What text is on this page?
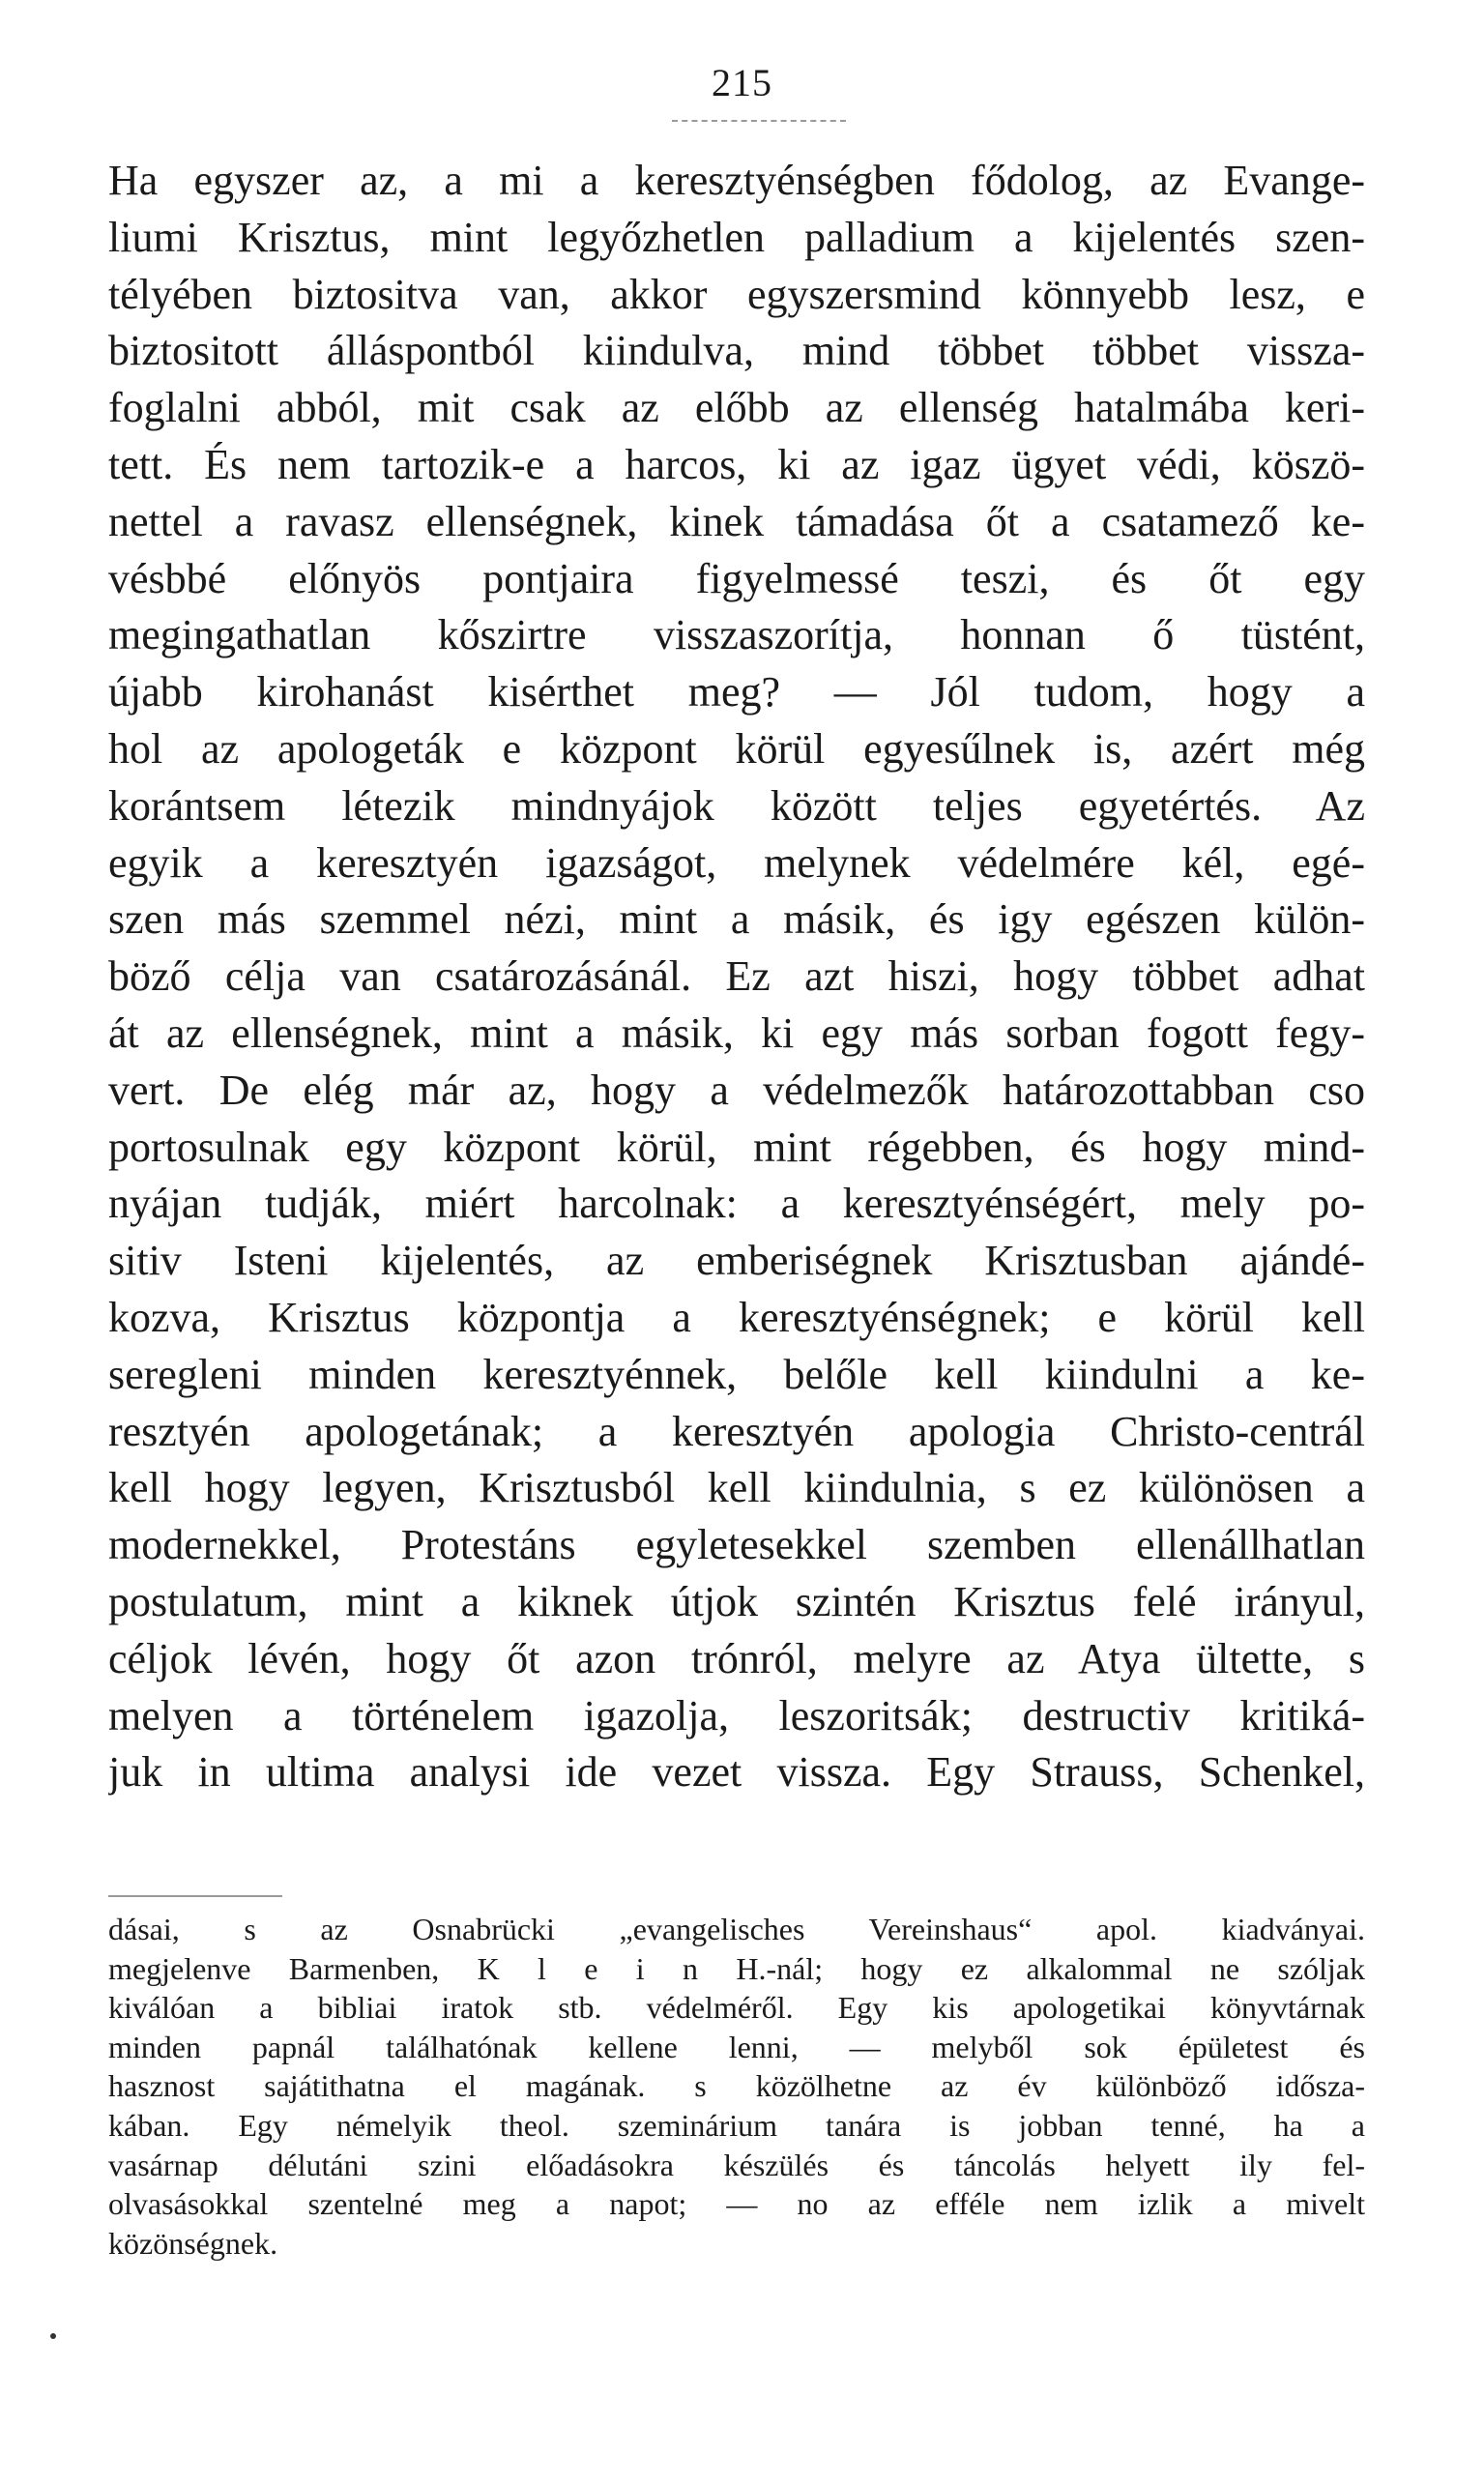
215
Ha egyszer az, a mi a keresztyénségben fődolog, az Evange-
liumi Krisztus, mint legyőzhetlen palladium a kijelentés szen-
télyében biztositva van, akkor egyszersmind könnyebb lesz, e
biztositott álláspontból kiindulva, mind többet többet vissza-
foglalni abból, mit csak az előbb az ellenség hatalmába keri-
tett. És nem tartozik-e a harcos, ki az igaz ügyet védi, köszö-
nettel a ravasz ellenségnek, kinek támadása őt a csatamező ke-
vésbbé előnyös pontjaira figyelmessé teszi, és őt egy
megingathatlan kőszirtre visszaszorítja, honnan ő tüstént,
újabb kirohanást kisérthet meg? — Jól tudom, hogy a
hol az apologeták e központ körül egyesűlnek is, azért még
korántsem létezik mindnyájok között teljes egyetértés. Az
egyik a keresztyén igazságot, melynek védelmére kél, egé-
szen más szemmel nézi, mint a másik, és igy egészen külön-
böző célja van csatározásánál. Ez azt hiszi, hogy többet adhat
át az ellenségnek, mint a másik, ki egy más sorban fogott fegy-
vert. De elég már az, hogy a védelmezők határozottabban cso
portosulnak egy központ körül, mint régebben, és hogy mind-
nyájan tudják, miért harcolnak: a keresztyénségért, mely po-
sitiv Isteni kijelentés, az emberiségnek Krisztusban ajándé-
kozva, Krisztus központja a keresztyénségnek; e körül kell
seregleni minden keresztyénnek, belőle kell kiindulni a ke-
resztyén apologetának; a keresztyén apologia Christo-centrál
kell hogy legyen, Krisztusból kell kiindulnia, s ez különösen a
modernekkel, Protestáns egyletesekkel szemben ellenállhatlan
postulatum, mint a kiknek útjok szintén Krisztus felé irányul,
céljok lévén, hogy őt azon trónról, melyre az Atya ültette, s
melyen a történelem igazolja, leszoritsák; destructiv kritiká-
juk in ultima analysi ide vezet vissza. Egy Strauss, Schenkel,
dásai, s az Osnabrücki „evangelisches Vereinshaus“ apol. kiadványai.
megjelenve Barmenben, K l e i n H.-nál; hogy ez alkalommal ne szóljak
kiválóan a bibliai iratok stb. védelméről. Egy kis apologetikai könyvtárnak
minden papnál találhatónak kellene lenni, — melyből sok épületest és
hasznost sajátithatna el magának. s közölhetne az év különböző idősza-
kában. Egy némelyik theol. szeminárium tanára is jobban tenné, ha a
vasárnap délutáni szini előadásokra készülés és táncolás helyett ily fel-
olvasásokkal szentelné meg a napot; — no az efféle nem izlik a mivelt
közönségnek.
